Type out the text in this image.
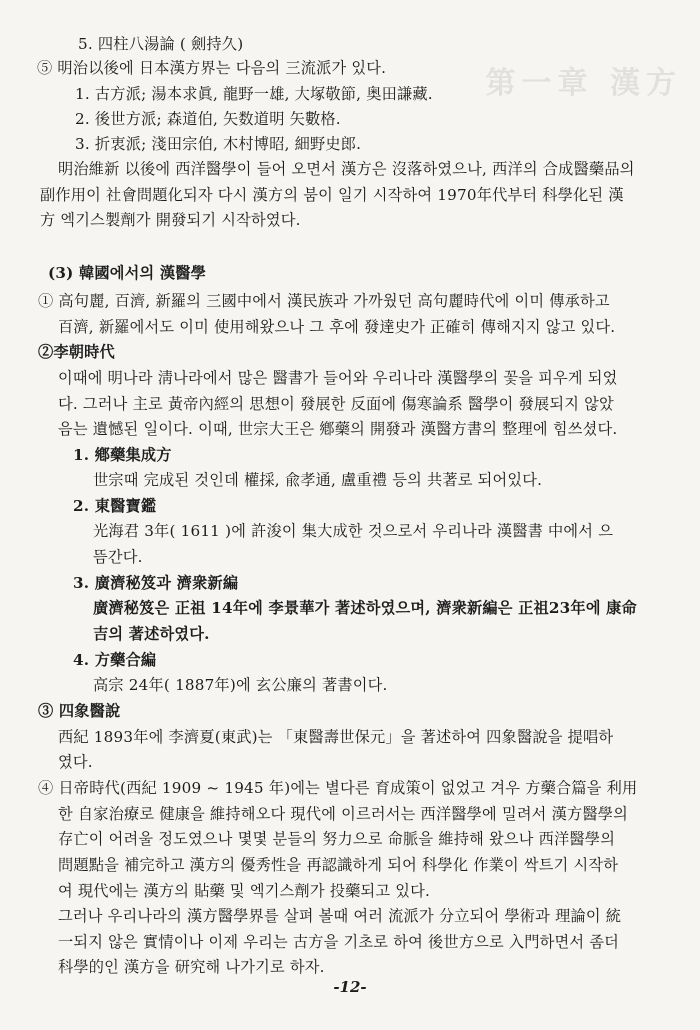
第一章 漢方
5. 四柱八湯論 ( 劍持久)
⑤ 明治以後에 日本漢方界는 다음의 三流派가 있다.
1. 古方派; 湯本求眞, 龍野一雄, 大塚敬節, 奥田謙藏.
2. 後世方派; 森道伯, 矢数道明 矢數格.
3. 折衷派; 淺田宗伯, 木村博昭, 細野史郎.
明治維新 以後에 西洋醫學이 들어 오면서 漢方은 沒落하였으나, 西洋의 合成醫藥品의
副作用이 社會問題化되자 다시 漢方의 붐이 일기 시작하여 1970年代부터 科學化된 漢
方 엑기스製劑가 開發되기 시작하였다.
(3) 韓國에서의 漢醫學
① 高句麗, 百濟, 新羅의 三國中에서 漢民族과 가까웠던 高句麗時代에 이미 傳承하고
百濟, 新羅에서도 이미 使用해왔으나 그 후에 發達史가 正確히 傳해지지 않고 있다.
②李朝時代
이때에 明나라 淸나라에서 많은 醫書가 들어와 우리나라 漢醫學의 꽃을 피우게 되었
다. 그러나 主로 黃帝內經의 思想이 發展한 反面에 傷寒論系 醫學이 發展되지 않았
음는 遺憾된 일이다. 이때, 世宗大王은 鄕藥의 開發과 漢醫方書의 整理에 힘쓰셨다.
1. 鄕藥集成方
世宗때 完成된 것인데 權採, 兪孝通, 盧重禮 등의 共著로 되어있다.
2. 東醫寶鑑
光海君 3年( 1611 )에 許浚이 集大成한 것으로서 우리나라 漢醫書 中에서 으
뜸간다.
3. 廣濟秘笈과 濟衆新編
廣濟秘笈은 正祖 14年에 李景華가 著述하였으며, 濟衆新編은 正祖23年에 康命
吉의 著述하였다.
4. 方藥合編
高宗 24年( 1887年)에 玄公廉의 著書이다.
③ 四象醫說
西紀 1893年에 李濟夏(東武)는 「東醫壽世保元」을 著述하여 四象醫說을 提唱하
였다.
④ 日帝時代(西紀 1909 ~ 1945 年)에는 별다른 育成策이 없었고 겨우 方藥合篇을 利用
한 自家治療로 健康을 維持해오다 現代에 이르러서는 西洋醫學에 밀려서 漢方醫學의
存亡이 어려울 정도였으나 몇몇 분들의 努力으로 命脈을 維持해 왔으나 西洋醫學의
問題點을 補完하고 漢方의 優秀性을 再認識하게 되어 科學化 作業이 싹트기 시작하
여 現代에는 漢方의 貼藥 및 엑기스劑가 投藥되고 있다.
그러나 우리나라의 漢方醫學界를 살펴 볼때 여러 流派가 分立되어 學術과 理論이 統
一되지 않은 實情이나 이제 우리는 古方을 기초로 하여 後世方으로 入門하면서 좀더
科學的인 漢方을 研究해 나가기로 하자.
-12-
